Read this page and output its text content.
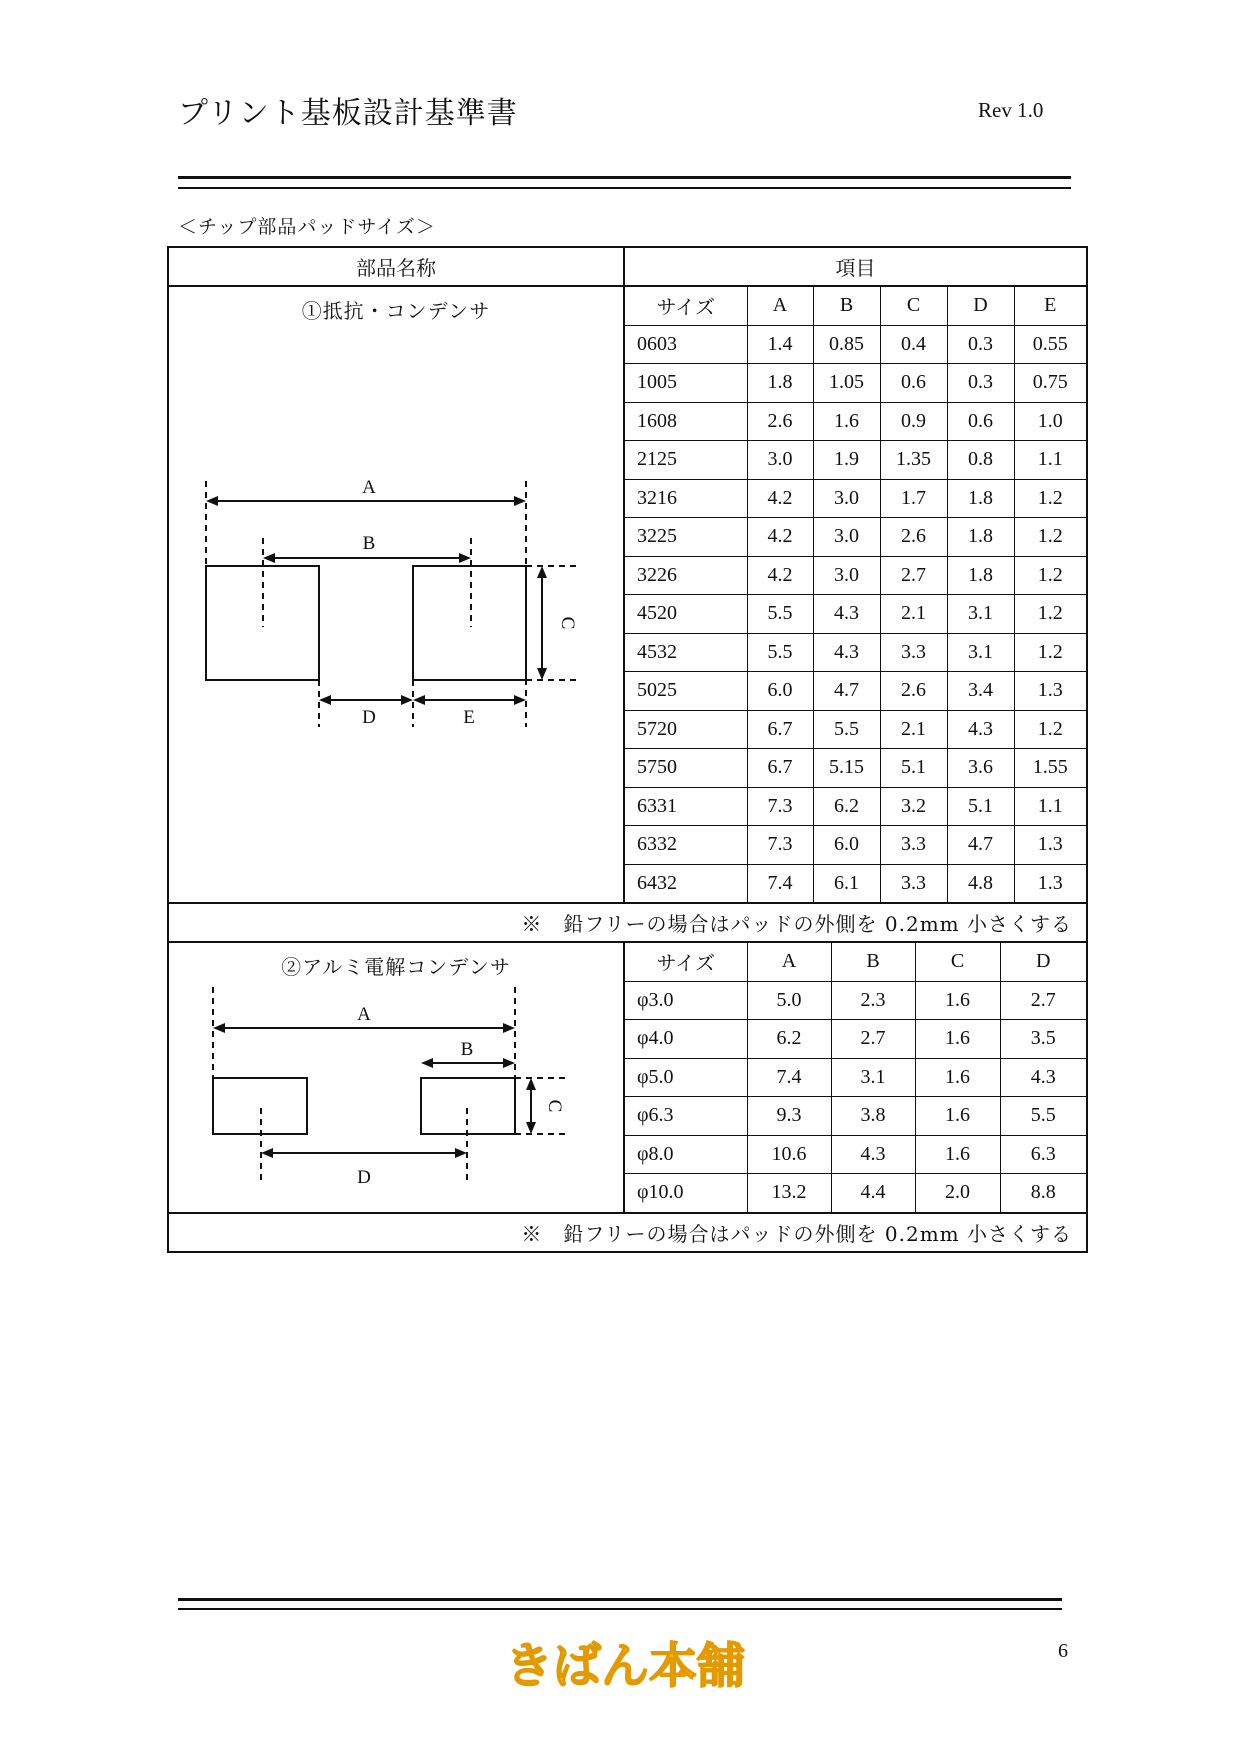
プリント基板設計基準書	Rev 1.0
＜チップ部品パッドサイズ＞
部品名称	項目

①抵抗・コンデンサ
A
B
C
D	E

サイズ	A	B	C	D	E
0603	1.4	0.85	0.4	0.3	0.55
1005	1.8	1.05	0.6	0.3	0.75
1608	2.6	1.6	0.9	0.6	1.0
2125	3.0	1.9	1.35	0.8	1.1
3216	4.2	3.0	1.7	1.8	1.2
3225	4.2	3.0	2.6	1.8	1.2
3226	4.2	3.0	2.7	1.8	1.2
4520	5.5	4.3	2.1	3.1	1.2
4532	5.5	4.3	3.3	3.1	1.2
5025	6.0	4.7	2.6	3.4	1.3
5720	6.7	5.5	2.1	4.3	1.2
5750	6.7	5.15	5.1	3.6	1.55
6331	7.3	6.2	3.2	5.1	1.1
6332	7.3	6.0	3.3	4.7	1.3
6432	7.4	6.1	3.3	4.8	1.3

※　鉛フリーの場合はパッドの外側を 0.2mm 小さくする

②アルミ電解コンデンサ
A
B
C
D

サイズ	A	B	C	D
φ3.0	5.0	2.3	1.6	2.7
φ4.0	6.2	2.7	1.6	3.5
φ5.0	7.4	3.1	1.6	4.3
φ6.3	9.3	3.8	1.6	5.5
φ8.0	10.6	4.3	1.6	6.3
φ10.0	13.2	4.4	2.0	8.8

※　鉛フリーの場合はパッドの外側を 0.2mm 小さくする
きばん本舗	6
